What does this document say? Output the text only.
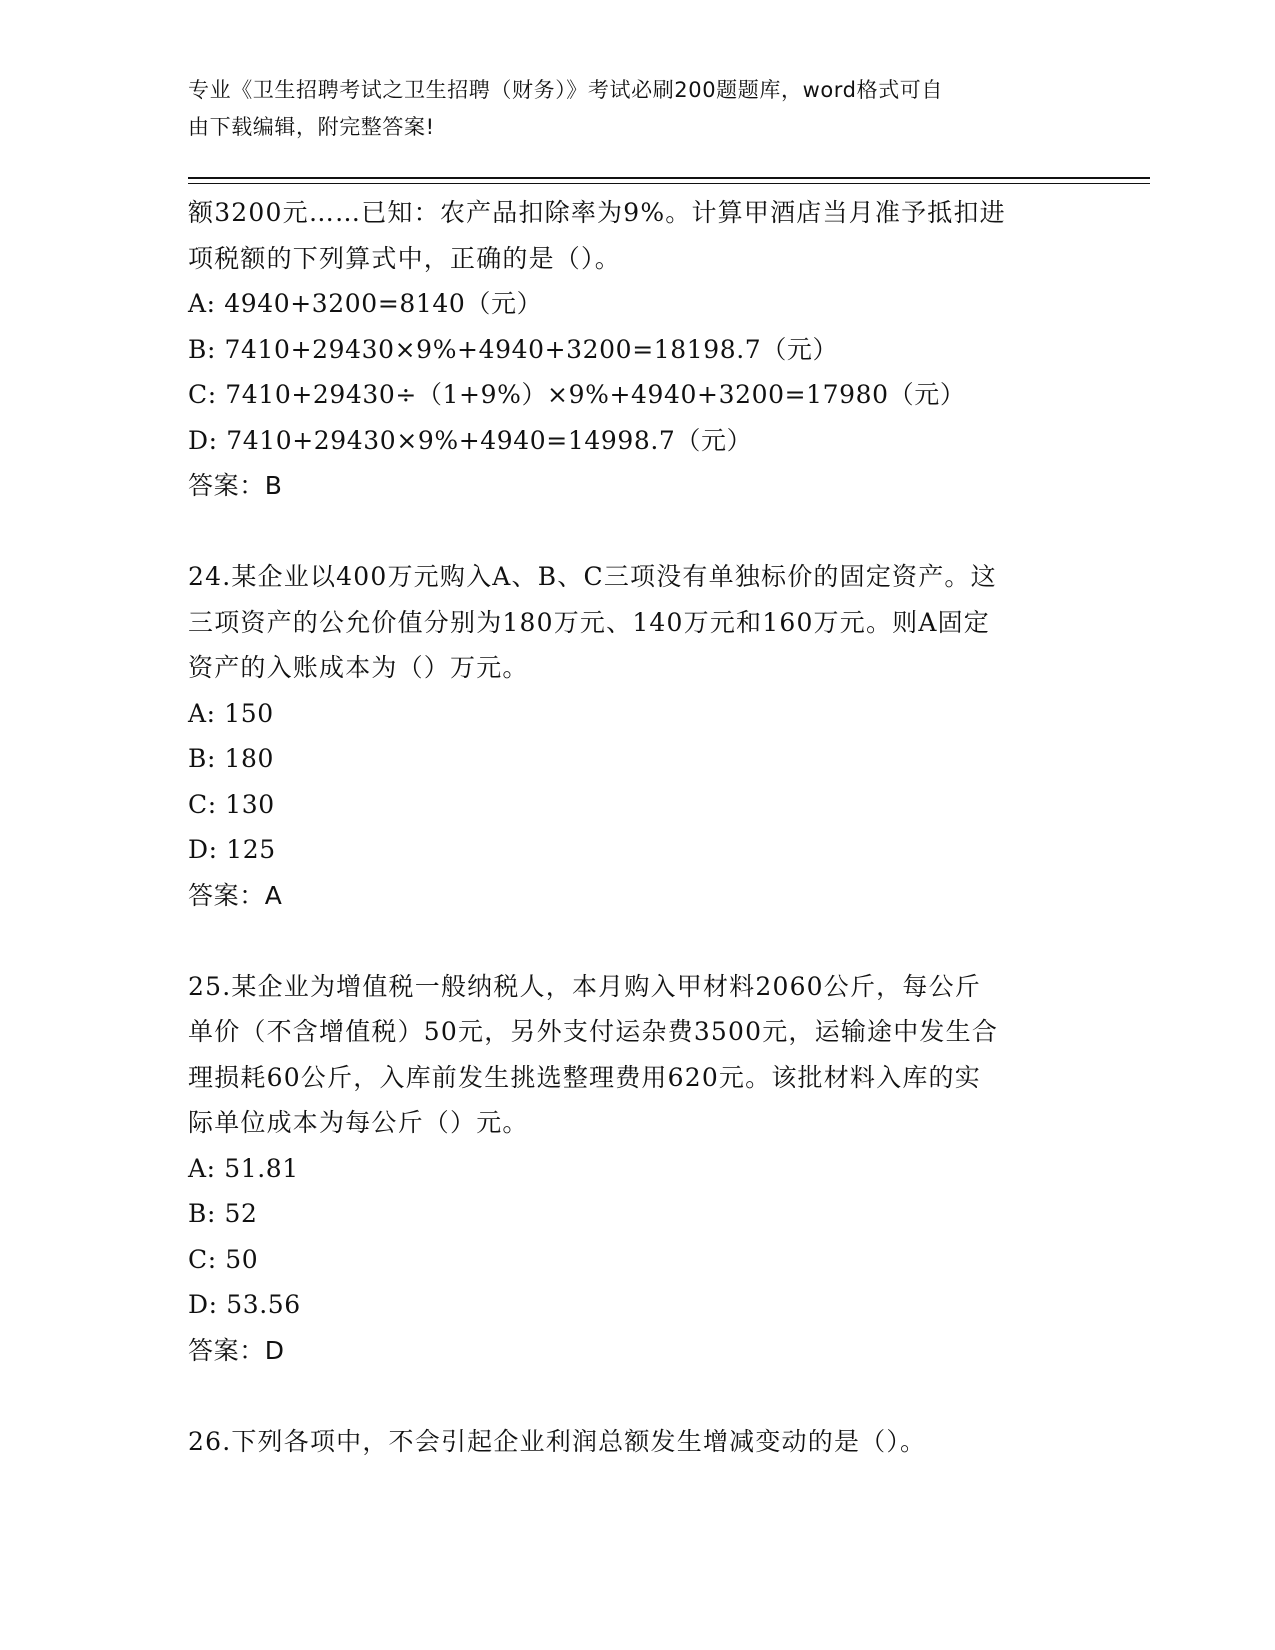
专业《卫生招聘考试之卫生招聘（财务）》考试必刷200题题库，word格式可自
由下载编辑，附完整答案!

额3200元……已知：农产品扣除率为9%。计算甲酒店当月准予抵扣进

项税额的下列算式中，正确的是（）。

A: 4940+3200=8140（元）

B: 7410+29430×9%+4940+3200=18198.7（元）

C: 7410+29430÷（1+9%）×9%+4940+3200=17980（元）

D: 7410+29430×9%+4940=14998.7（元）

答案：B

24.某企业以400万元购入A、B、C三项没有单独标价的固定资产。这

三项资产的公允价值分别为180万元、140万元和160万元。则A固定

资产的入账成本为（）万元。

A: 150

B: 180

C: 130

D: 125

答案：A

25.某企业为增值税一般纳税人，本月购入甲材料2060公斤，每公斤

单价（不含增值税）50元，另外支付运杂费3500元，运输途中发生合

理损耗60公斤，入库前发生挑选整理费用620元。该批材料入库的实

际单位成本为每公斤（）元。

A: 51.81

B: 52

C: 50

D: 53.56

答案：D

26.下列各项中，不会引起企业利润总额发生增减变动的是（）。
